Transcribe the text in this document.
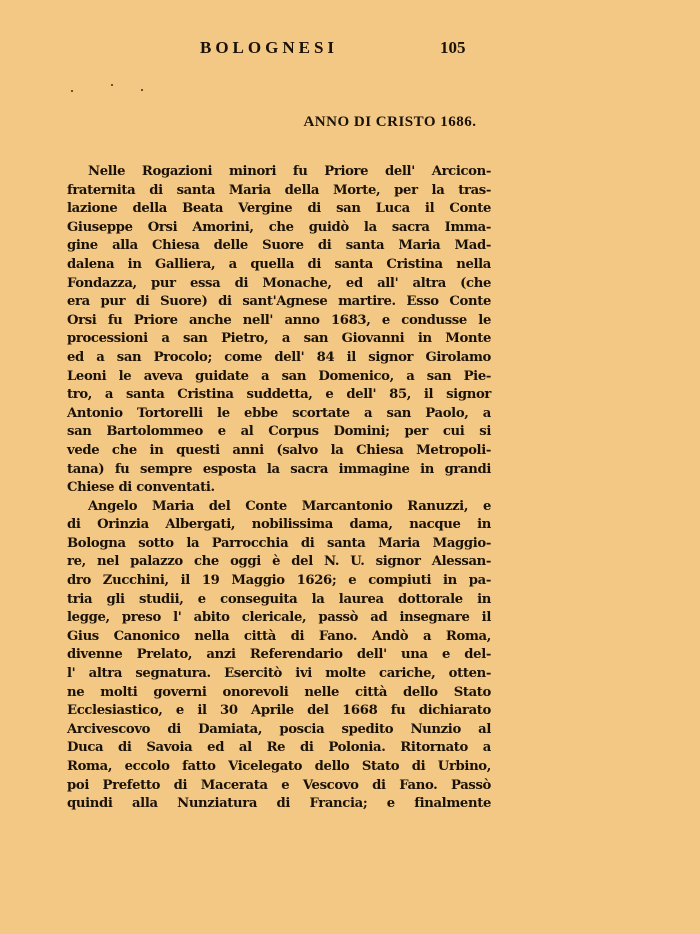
BOLOGNESI	105
ANNO DI CRISTO 1686.
Nelle Rogazioni minori fu Priore dell' Arcicon-
fraternita di santa Maria della Morte, per la tras-
lazione della Beata Vergine di san Luca il Conte
Giuseppe Orsi Amorini, che guidò la sacra Imma-
gine alla Chiesa delle Suore di santa Maria Mad-
dalena in Galliera, a quella di santa Cristina nella
Fondazza, pur essa di Monache, ed all' altra (che
era pur di Suore) di sant'Agnese martire. Esso Conte
Orsi fu Priore anche nell' anno 1683, e condusse le
processioni a san Pietro, a san Giovanni in Monte
ed a san Procolo; come dell' 84 il signor Girolamo
Leoni le aveva guidate a san Domenico, a san Pie-
tro, a santa Cristina suddetta, e dell' 85, il signor
Antonio Tortorelli le ebbe scortate a san Paolo, a
san Bartolommeo e al Corpus Domini; per cui si
vede che in questi anni (salvo la Chiesa Metropoli-
tana) fu sempre esposta la sacra immagine in grandi
Chiese di conventati.
Angelo Maria del Conte Marcantonio Ranuzzi, e
di Orinzia Albergati, nobilissima dama, nacque in
Bologna sotto la Parrocchia di santa Maria Maggio-
re, nel palazzo che oggi è del N. U. signor Alessan-
dro Zucchini, il 19 Maggio 1626; e compiuti in pa-
tria gli studii, e conseguita la laurea dottorale in
legge, preso l' abito clericale, passò ad insegnare il
Gius Canonico nella città di Fano. Andò a Roma,
divenne Prelato, anzi Referendario dell' una e del-
l' altra segnatura. Esercitò ivi molte cariche, otten-
ne molti governi onorevoli nelle città dello Stato
Ecclesiastico, e il 30 Aprile del 1668 fu dichiarato
Arcivescovo di Damiata, poscia spedito Nunzio al
Duca di Savoia ed al Re di Polonia. Ritornato a
Roma, eccolo fatto Vicelegato dello Stato di Urbino,
poi Prefetto di Macerata e Vescovo di Fano. Passò
quindi alla Nunziatura di Francia; e finalmente
